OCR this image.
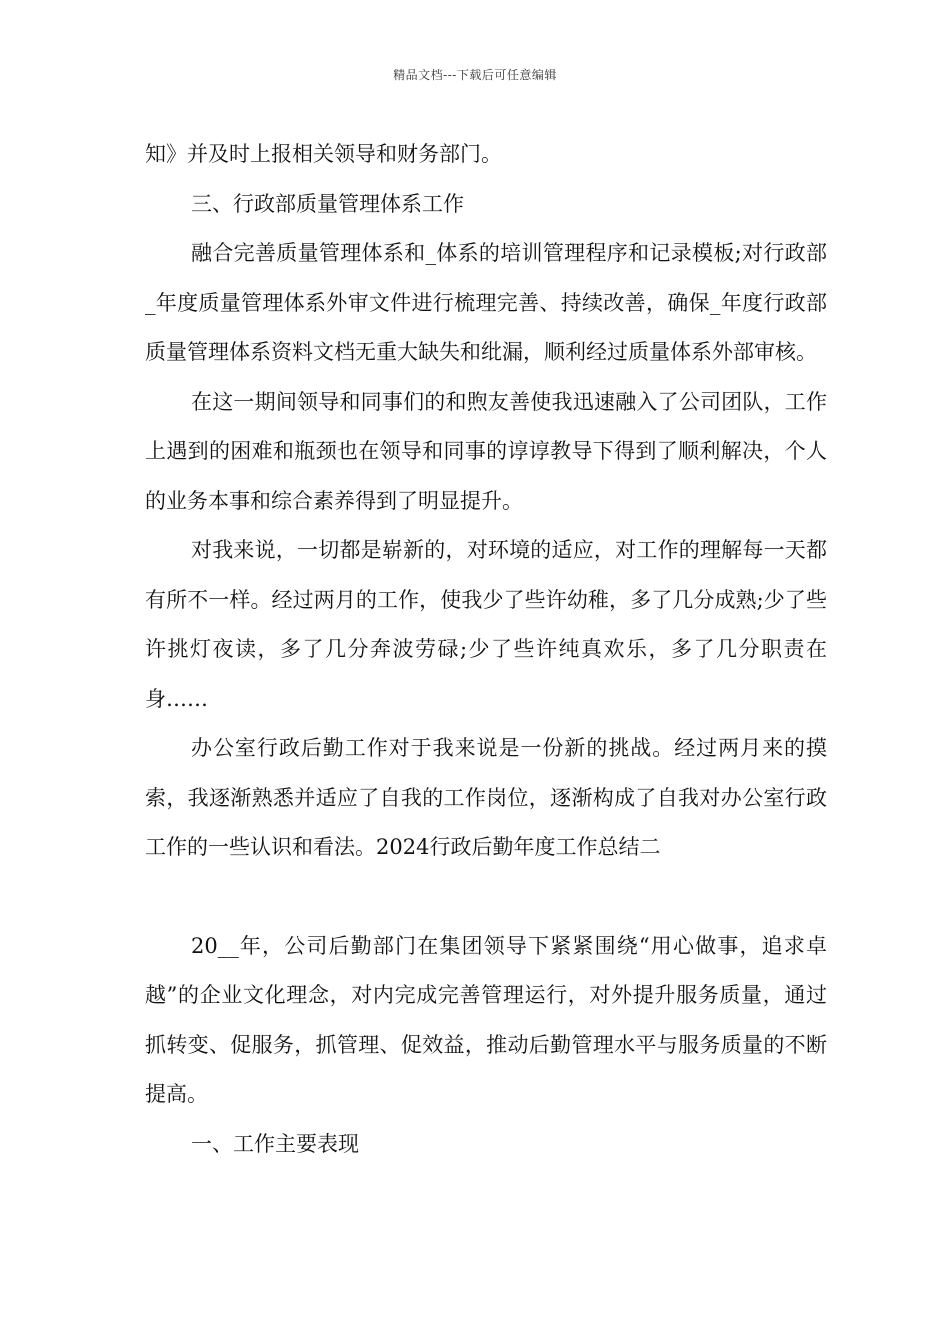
精品文档---下载后可任意编辑

知》并及时上报相关领导和财务部门。

三、行政部质量管理体系工作

融合完善质量管理体系和_体系的培训管理程序和记录模板;对行政部_年度质量管理体系外审文件进行梳理完善、持续改善，确保_年度行政部质量管理体系资料文档无重大缺失和纰漏，顺利经过质量体系外部审核。

在这一期间领导和同事们的和煦友善使我迅速融入了公司团队，工作上遇到的困难和瓶颈也在领导和同事的谆谆教导下得到了顺利解决，个人的业务本事和综合素养得到了明显提升。

对我来说，一切都是崭新的，对环境的适应，对工作的理解每一天都有所不一样。经过两月的工作，使我少了些许幼稚，多了几分成熟;少了些许挑灯夜读，多了几分奔波劳碌;少了些许纯真欢乐，多了几分职责在身……

办公室行政后勤工作对于我来说是一份新的挑战。经过两月来的摸索，我逐渐熟悉并适应了自我的工作岗位，逐渐构成了自我对办公室行政工作的一些认识和看法。2024行政后勤年度工作总结二

20__年，公司后勤部门在集团领导下紧紧围绕“用心做事，追求卓越”的企业文化理念，对内完成完善管理运行，对外提升服务质量，通过抓转变、促服务，抓管理、促效益，推动后勤管理水平与服务质量的不断提高。

一、工作主要表现
